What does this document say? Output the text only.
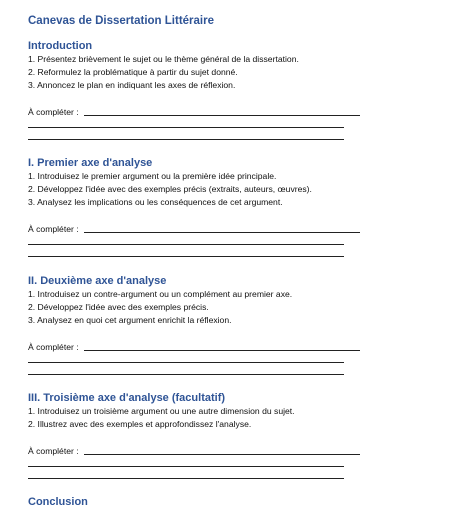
Canevas de Dissertation Littéraire
Introduction
1. Présentez brièvement le sujet ou le thème général de la dissertation.
2. Reformulez la problématique à partir du sujet donné.
3. Annoncez le plan en indiquant les axes de réflexion.
À compléter :
I. Premier axe d'analyse
1. Introduisez le premier argument ou la première idée principale.
2. Développez l'idée avec des exemples précis (extraits, auteurs, œuvres).
3. Analysez les implications ou les conséquences de cet argument.
À compléter :
II. Deuxième axe d'analyse
1. Introduisez un contre-argument ou un complément au premier axe.
2. Développez l'idée avec des exemples précis.
3. Analysez en quoi cet argument enrichit la réflexion.
À compléter :
III. Troisième axe d'analyse (facultatif)
1. Introduisez un troisième argument ou une autre dimension du sujet.
2. Illustrez avec des exemples et approfondissez l'analyse.
À compléter :
Conclusion
